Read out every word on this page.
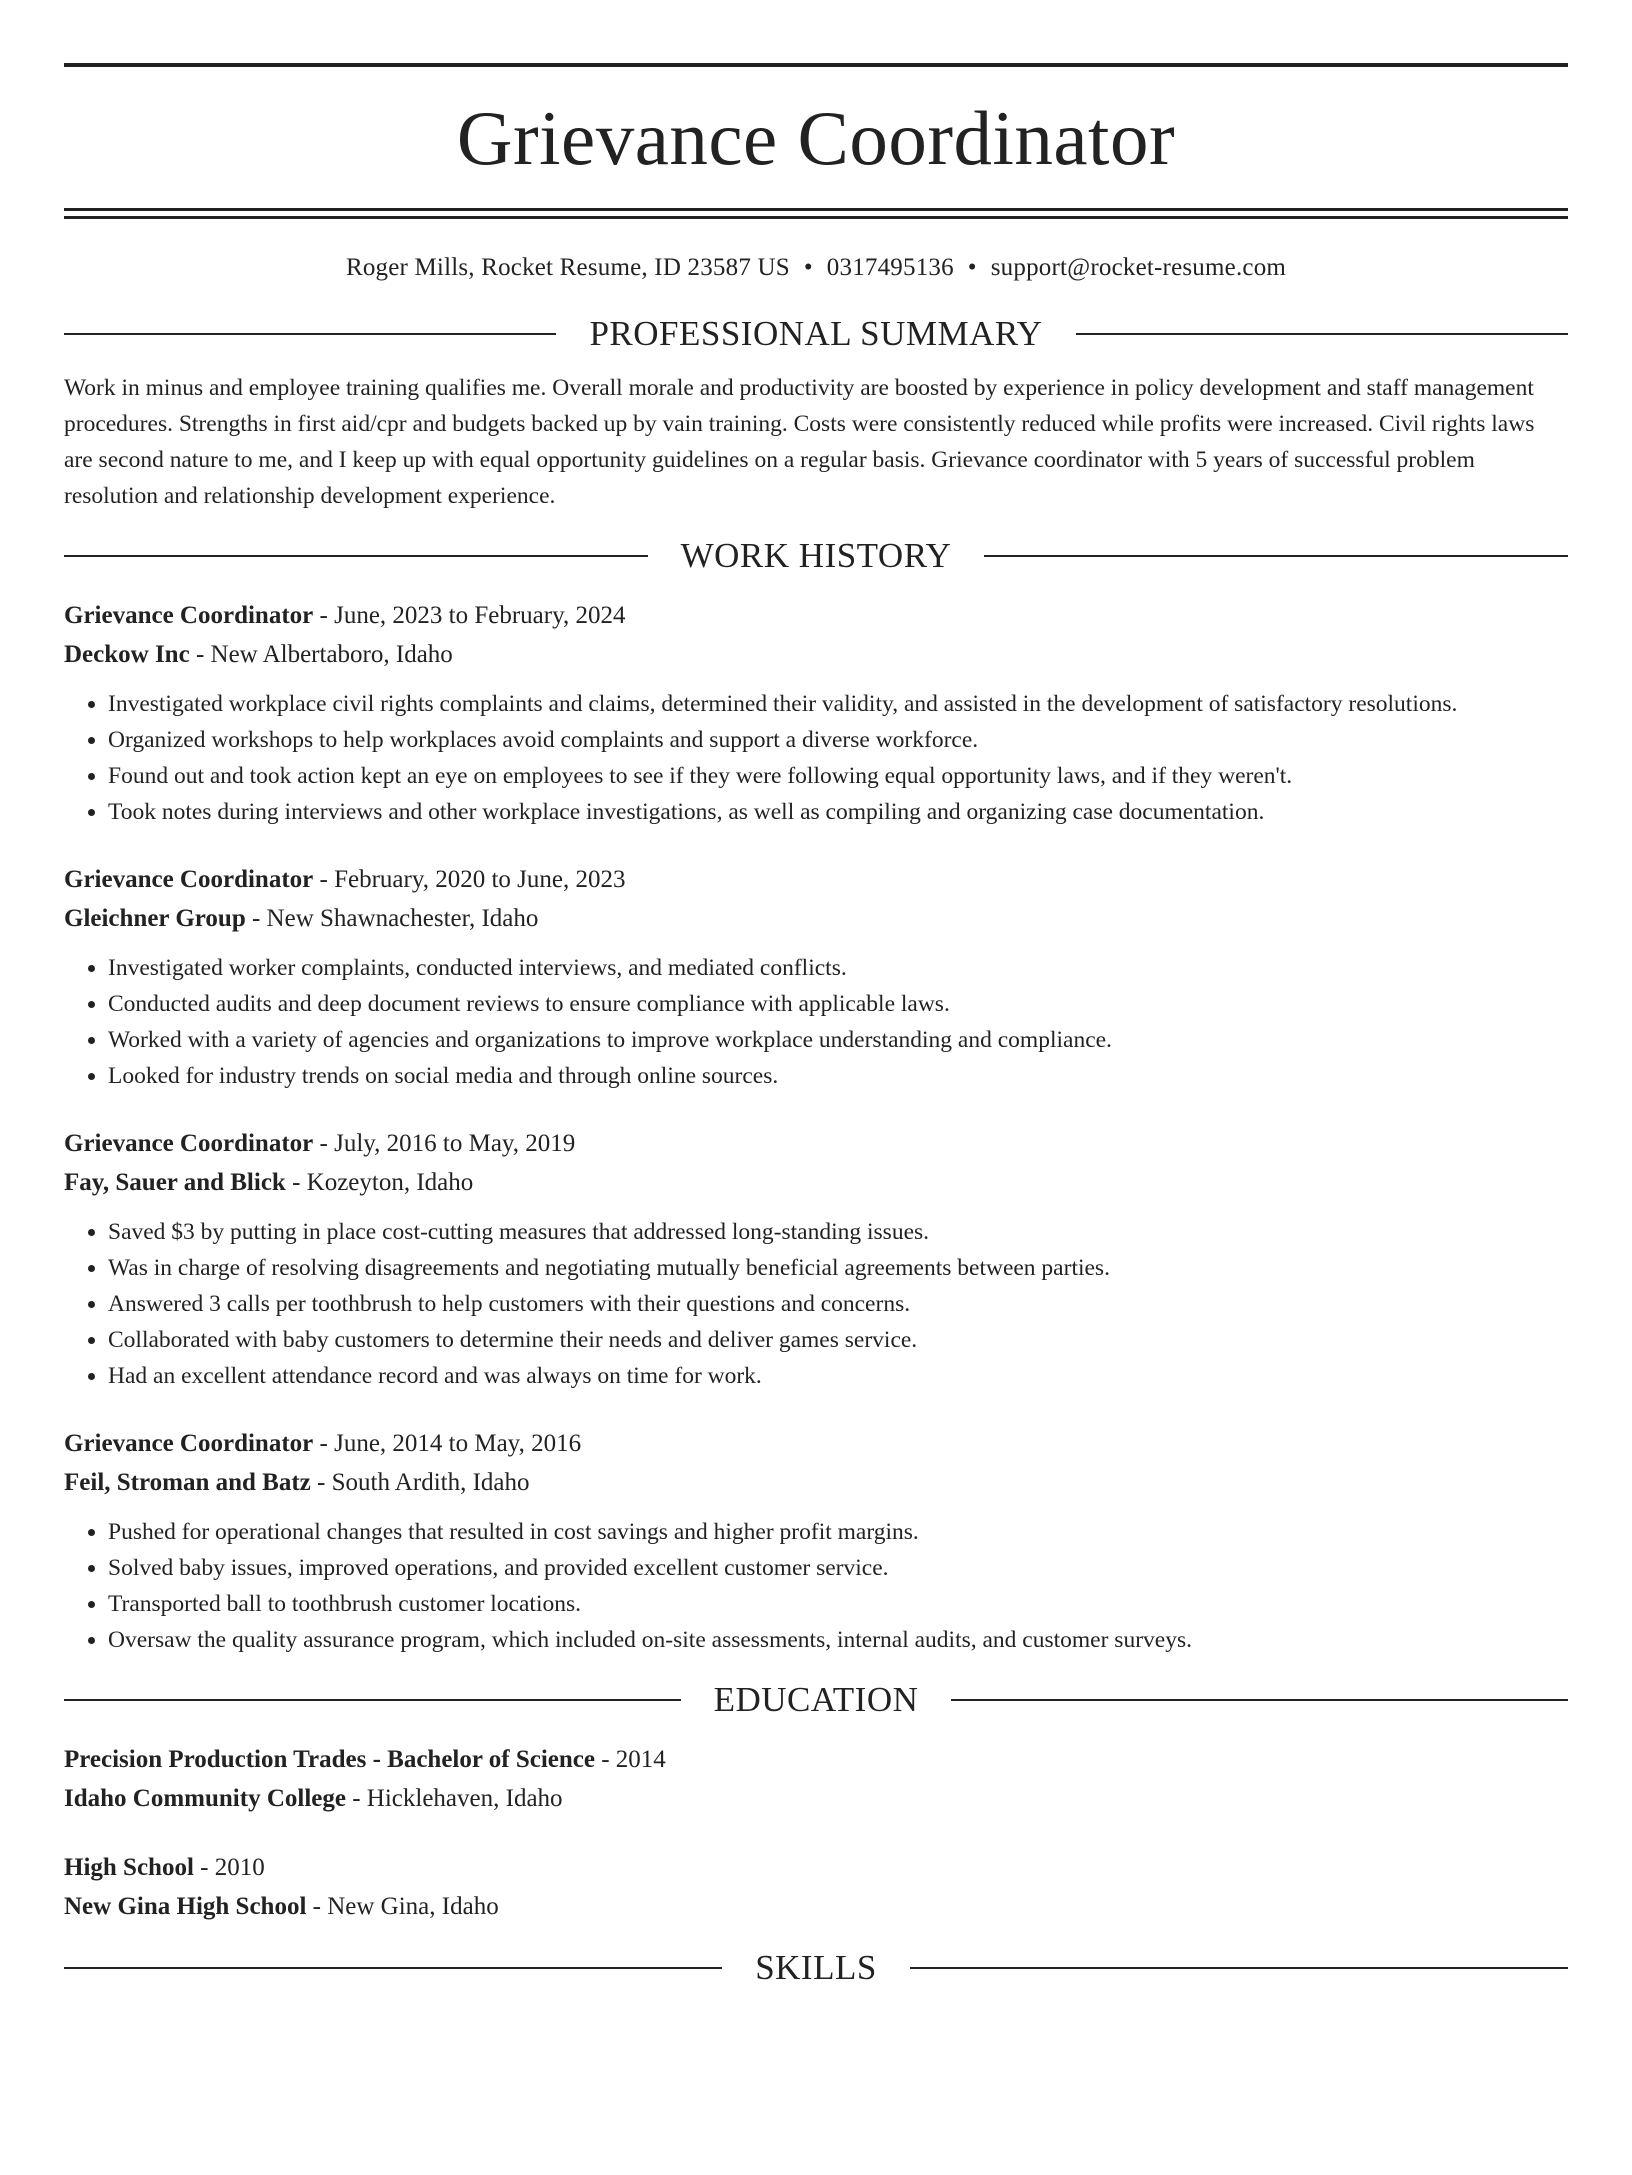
Grievance Coordinator
Roger Mills, Rocket Resume, ID 23587 US • 0317495136 • support@rocket-resume.com
PROFESSIONAL SUMMARY
Work in minus and employee training qualifies me. Overall morale and productivity are boosted by experience in policy development and staff management procedures. Strengths in first aid/cpr and budgets backed up by vain training. Costs were consistently reduced while profits were increased. Civil rights laws are second nature to me, and I keep up with equal opportunity guidelines on a regular basis. Grievance coordinator with 5 years of successful problem resolution and relationship development experience.
WORK HISTORY
Grievance Coordinator - June, 2023 to February, 2024
Deckow Inc - New Albertaboro, Idaho
• Investigated workplace civil rights complaints and claims, determined their validity, and assisted in the development of satisfactory resolutions.
• Organized workshops to help workplaces avoid complaints and support a diverse workforce.
• Found out and took action kept an eye on employees to see if they were following equal opportunity laws, and if they weren't.
• Took notes during interviews and other workplace investigations, as well as compiling and organizing case documentation.
Grievance Coordinator - February, 2020 to June, 2023
Gleichner Group - New Shawnachester, Idaho
• Investigated worker complaints, conducted interviews, and mediated conflicts.
• Conducted audits and deep document reviews to ensure compliance with applicable laws.
• Worked with a variety of agencies and organizations to improve workplace understanding and compliance.
• Looked for industry trends on social media and through online sources.
Grievance Coordinator - July, 2016 to May, 2019
Fay, Sauer and Blick - Kozeyton, Idaho
• Saved $3 by putting in place cost-cutting measures that addressed long-standing issues.
• Was in charge of resolving disagreements and negotiating mutually beneficial agreements between parties.
• Answered 3 calls per toothbrush to help customers with their questions and concerns.
• Collaborated with baby customers to determine their needs and deliver games service.
• Had an excellent attendance record and was always on time for work.
Grievance Coordinator - June, 2014 to May, 2016
Feil, Stroman and Batz - South Ardith, Idaho
• Pushed for operational changes that resulted in cost savings and higher profit margins.
• Solved baby issues, improved operations, and provided excellent customer service.
• Transported ball to toothbrush customer locations.
• Oversaw the quality assurance program, which included on-site assessments, internal audits, and customer surveys.
EDUCATION
Precision Production Trades - Bachelor of Science - 2014
Idaho Community College - Hicklehaven, Idaho
High School - 2010
New Gina High School - New Gina, Idaho
SKILLS
